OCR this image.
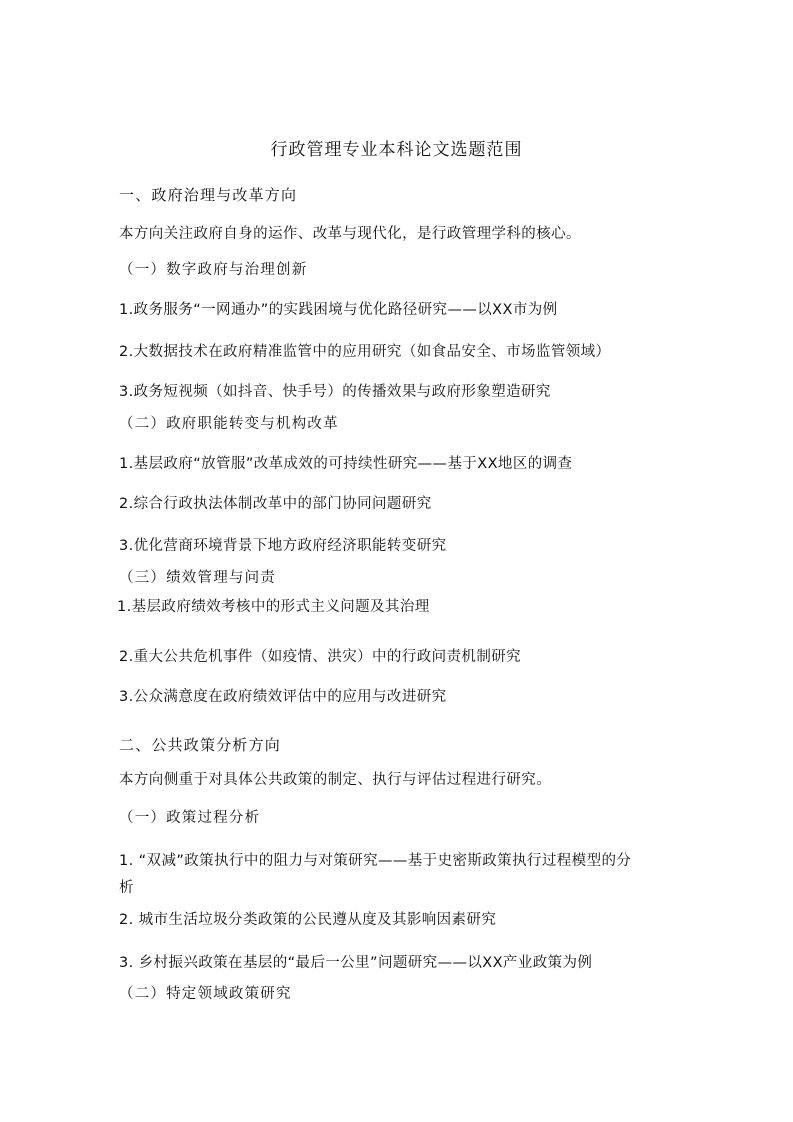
行政管理专业本科论文选题范围
一、政府治理与改革方向
本方向关注政府自身的运作、改革与现代化，是行政管理学科的核心。
（一）数字政府与治理创新
1.政务服务“一网通办”的实践困境与优化路径研究——以XX市为例
2.大数据技术在政府精准监管中的应用研究（如食品安全、市场监管领域）
3.政务短视频（如抖音、快手号）的传播效果与政府形象塑造研究
（二）政府职能转变与机构改革
1.基层政府“放管服”改革成效的可持续性研究——基于XX地区的调查
2.综合行政执法体制改革中的部门协同问题研究
3.优化营商环境背景下地方政府经济职能转变研究
（三）绩效管理与问责
1.基层政府绩效考核中的形式主义问题及其治理
2.重大公共危机事件（如疫情、洪灾）中的行政问责机制研究
3.公众满意度在政府绩效评估中的应用与改进研究
二、公共政策分析方向
本方向侧重于对具体公共政策的制定、执行与评估过程进行研究。
（一）政策过程分析
1. “双减”政策执行中的阻力与对策研究——基于史密斯政策执行过程模型的分
析
2. 城市生活垃圾分类政策的公民遵从度及其影响因素研究
3. 乡村振兴政策在基层的“最后一公里”问题研究——以XX产业政策为例
（二）特定领域政策研究
